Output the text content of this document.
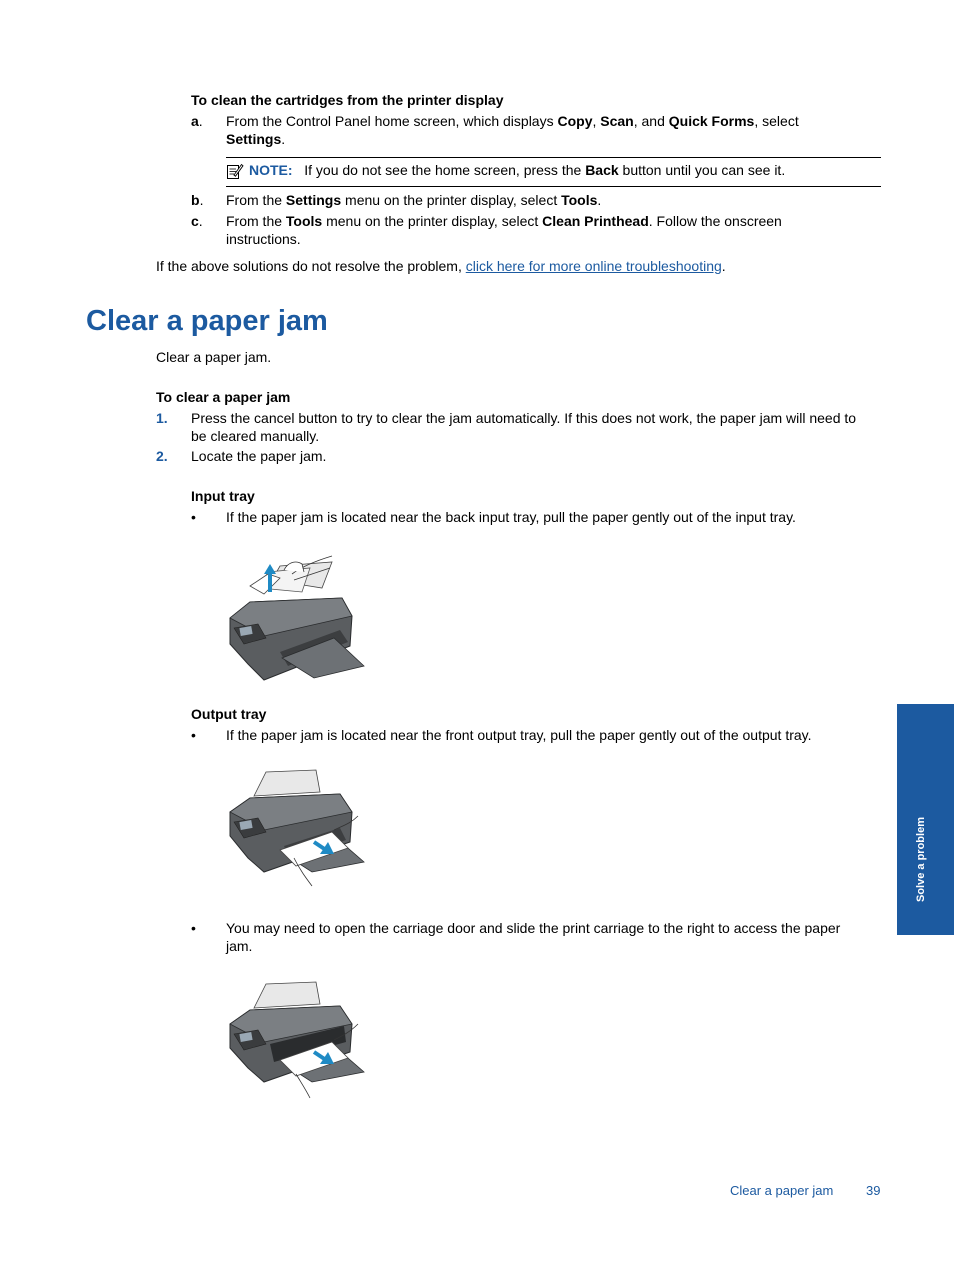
To clean the cartridges from the printer display
a. From the Control Panel home screen, which displays Copy, Scan, and Quick Forms, select
Settings.
NOTE: If you do not see the home screen, press the Back button until you can see it.
b. From the Settings menu on the printer display, select Tools.
c. From the Tools menu on the printer display, select Clean Printhead. Follow the onscreen
instructions.
If the above solutions do not resolve the problem, click here for more online troubleshooting.
Clear a paper jam
Clear a paper jam.
To clear a paper jam
1. Press the cancel button to try to clear the jam automatically. If this does not work, the paper jam will need to
be cleared manually.
2. Locate the paper jam.
Input tray
• If the paper jam is located near the back input tray, pull the paper gently out of the input tray.
Output tray
• If the paper jam is located near the front output tray, pull the paper gently out of the output tray.
• You may need to open the carriage door and slide the print carriage to the right to access the paper
jam.
Solve a problem
Clear a paper jam	39
